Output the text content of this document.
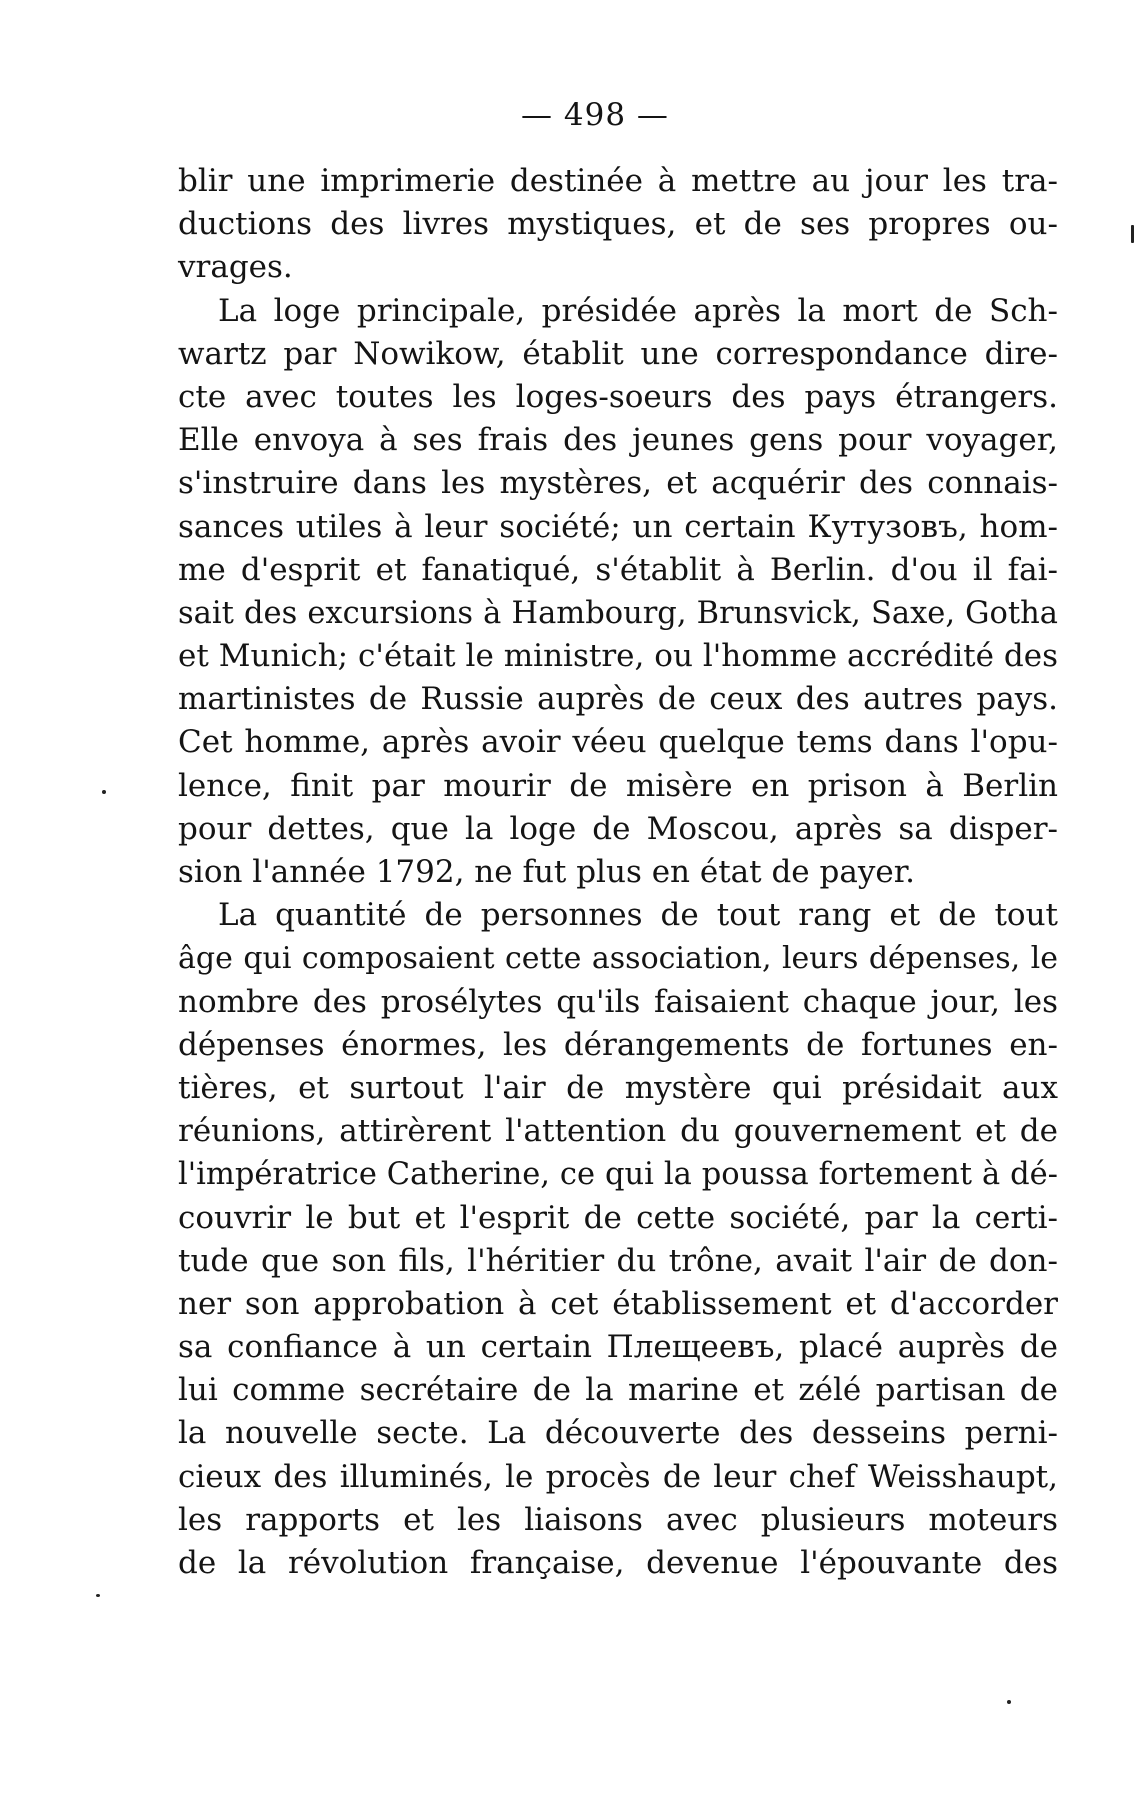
— 498 —
blir une imprimerie destinée à mettre au jour les tra-
ductions des livres mystiques, et de ses propres ou-
vrages.
La loge principale, présidée après la mort de Sch-
wartz par Nowikow, établit une correspondance dire-
cte avec toutes les loges-soeurs des pays étrangers.
Elle envoya à ses frais des jeunes gens pour voyager,
s'instruire dans les mystères, et acquérir des connais-
sances utiles à leur société; un certain Кутузовъ, hom-
me d'esprit et fanatiqué, s'établit à Berlin. d'ou il fai-
sait des excursions à Hambourg, Brunsvick, Saxe, Gotha
et Munich; c'était le ministre, ou l'homme accrédité des
martinistes de Russie auprès de ceux des autres pays.
Cet homme, après avoir véeu quelque tems dans l'opu-
lence, finit par mourir de misère en prison à Berlin
pour dettes, que la loge de Moscou, après sa disper-
sion l'année 1792, ne fut plus en état de payer.
La quantité de personnes de tout rang et de tout
âge qui composaient cette association, leurs dépenses, le
nombre des prosélytes qu'ils faisaient chaque jour, les
dépenses énormes, les dérangements de fortunes en-
tières, et surtout l'air de mystère qui présidait aux
réunions, attirèrent l'attention du gouvernement et de
l'impératrice Catherine, ce qui la poussa fortement à dé-
couvrir le but et l'esprit de cette société, par la certi-
tude que son fils, l'héritier du trône, avait l'air de don-
ner son approbation à cet établissement et d'accorder
sa confiance à un certain Плещеевъ, placé auprès de
lui comme secrétaire de la marine et zélé partisan de
la nouvelle secte. La découverte des desseins perni-
cieux des illuminés, le procès de leur chef Weisshaupt,
les rapports et les liaisons avec plusieurs moteurs
de la révolution française, devenue l'épouvante des
